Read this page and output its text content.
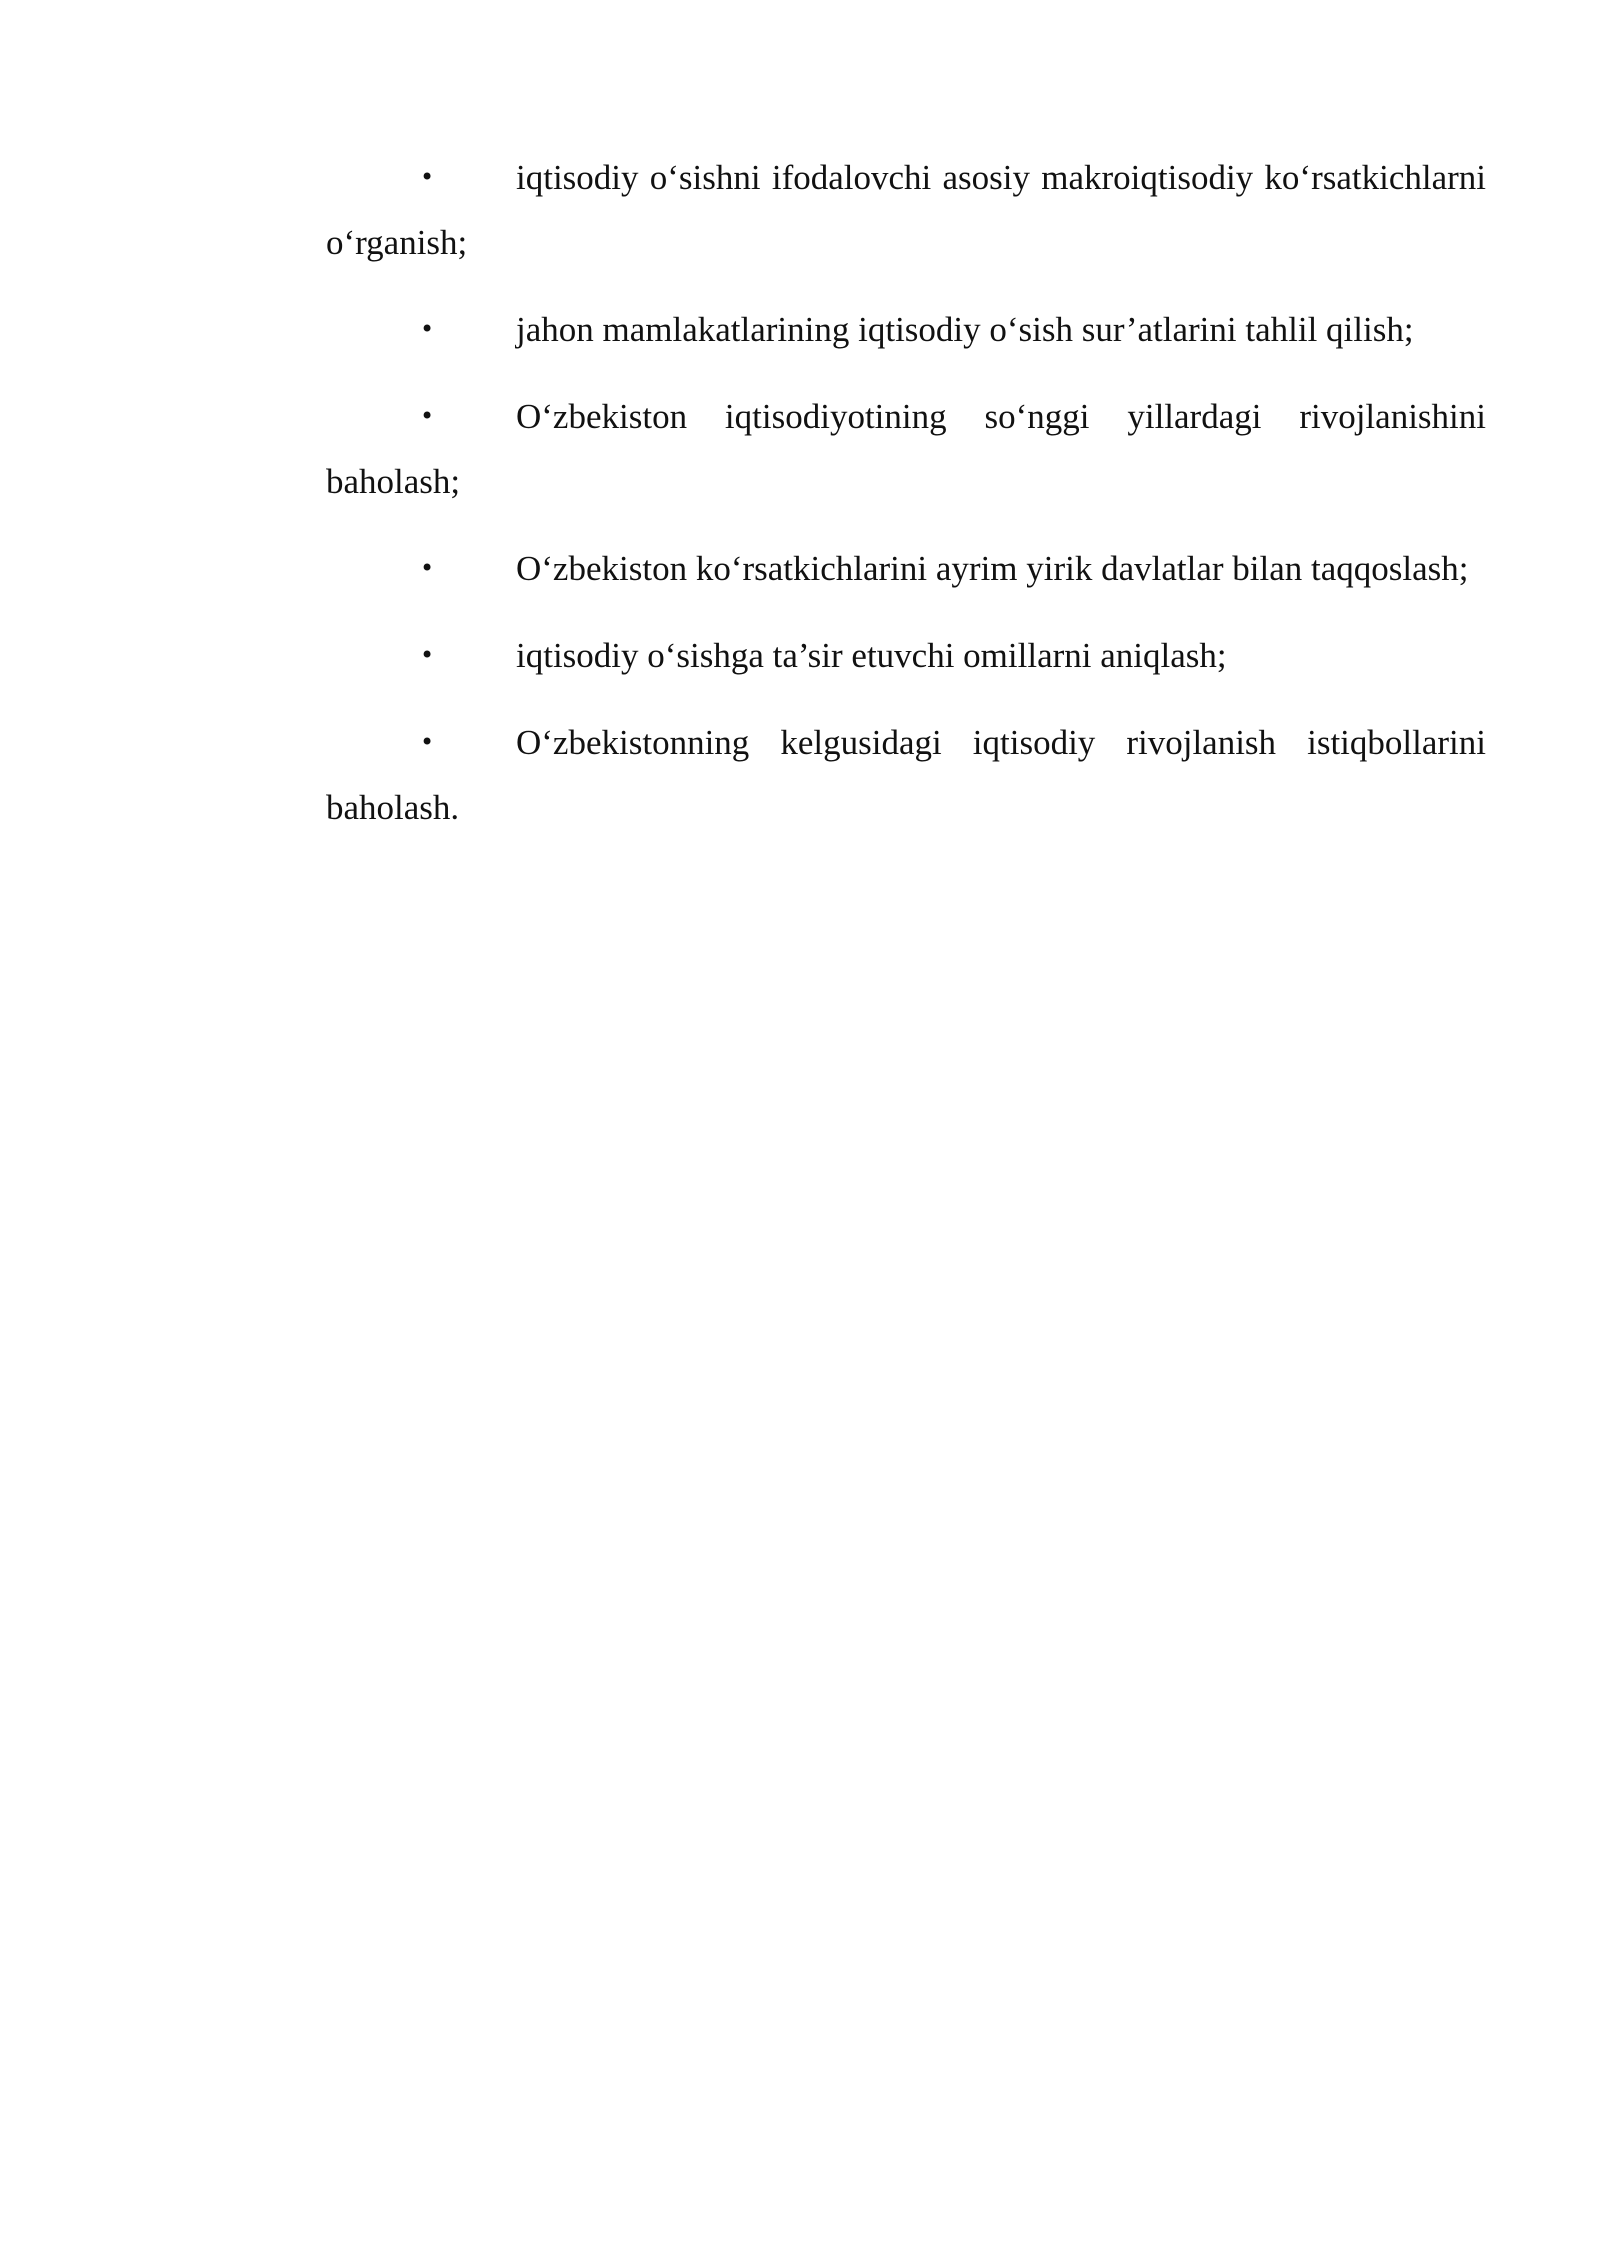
• iqtisodiy o‘sishni ifodalovchi asosiy makroiqtisodiy ko‘rsatkichlarni o‘rganish;

• jahon mamlakatlarining iqtisodiy o‘sish sur’atlarini tahlil qilish;

• O‘zbekiston iqtisodiyotining so‘nggi yillardagi rivojlanishini baholash;

• O‘zbekiston ko‘rsatkichlarini ayrim yirik davlatlar bilan taqqoslash;

• iqtisodiy o‘sishga ta’sir etuvchi omillarni aniqlash;

• O‘zbekistonning kelgusidagi iqtisodiy rivojlanish istiqbollarini baholash.
